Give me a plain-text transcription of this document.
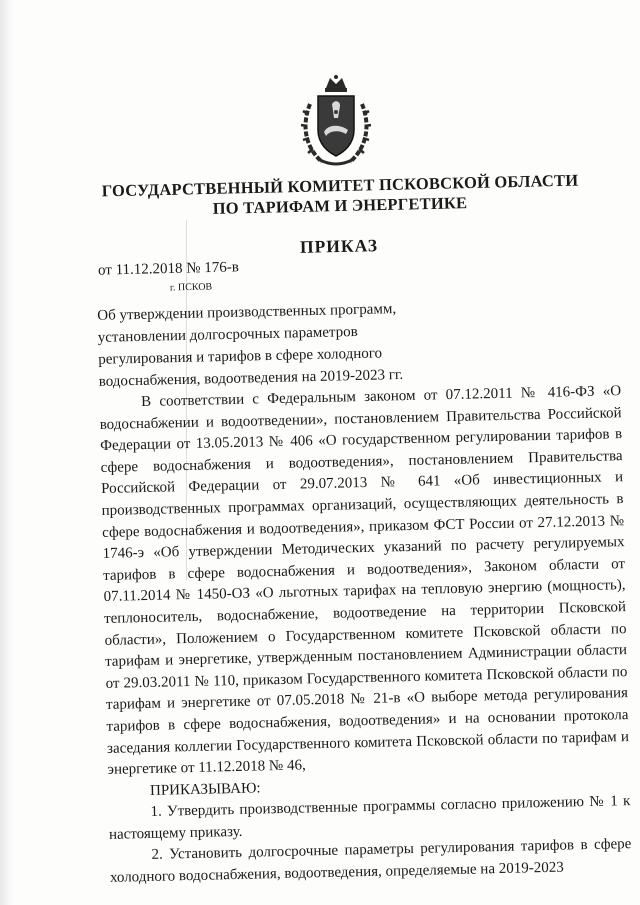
ГОСУДАРСТВЕННЫЙ КОМИТЕТ ПСКОВСКОЙ ОБЛАСТИ
ПО ТАРИФАМ И ЭНЕРГЕТИКЕ
ПРИКАЗ
от 11.12.2018 № 176-в
г. ПСКОВ
Об утверждении производственных программ,
установлении долгосрочных параметров
регулирования и тарифов в сфере холодного
водоснабжения, водоотведения на 2019-2023 гг.

В соответствии с Федеральным законом от 07.12.2011 № 416-ФЗ «О водоснабжении и водоотведении», постановлением Правительства Российской Федерации от 13.05.2013 № 406 «О государственном регулировании тарифов в сфере водоснабжения и водоотведения», постановлением Правительства Российской Федерации от 29.07.2013 № 641 «Об инвестиционных и производственных программах организаций, осуществляющих деятельность в сфере водоснабжения и водоотведения», приказом ФСТ России от 27.12.2013 № 1746-э «Об утверждении Методических указаний по расчету регулируемых тарифов в сфере водоснабжения и водоотведения», Законом области от 07.11.2014 № 1450-ОЗ «О льготных тарифах на тепловую энергию (мощность), теплоноситель, водоснабжение, водоотведение на территории Псковской области», Положением о Государственном комитете Псковской области по тарифам и энергетике, утвержденным постановлением Администрации области от 29.03.2011 № 110, приказом Государственного комитета Псковской области по тарифам и энергетике от 07.05.2018 № 21-в «О выборе метода регулирования тарифов в сфере водоснабжения, водоотведения» и на основании протокола заседания коллегии Государственного комитета Псковской области по тарифам и энергетике от 11.12.2018 № 46,

ПРИКАЗЫВАЮ:

1. Утвердить производственные программы согласно приложению № 1 к настоящему приказу.

2. Установить долгосрочные параметры регулирования тарифов в сфере холодного водоснабжения, водоотведения, определяемые на 2019-2023
